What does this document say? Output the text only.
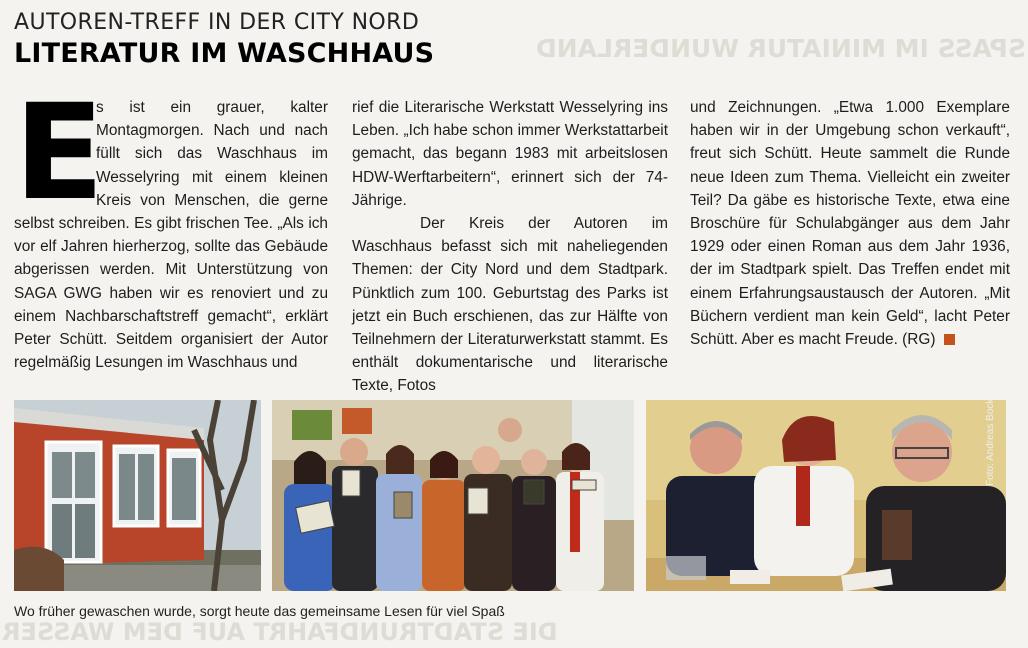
SPASS IM MINIATUR WUNDERLAND
DIE STADTRUNDFAHRT AUF DEM WASSER
AUTOREN-TREFF IN DER CITY NORD
LITERATUR IM WASCHHAUS

E
s ist ein grauer, kalter Montagmorgen. Nach und nach füllt sich das Waschhaus im Wesselyring mit einem kleinen Kreis von Menschen, die gerne selbst schreiben. Es gibt frischen Tee. „Als ich vor elf Jahren hierherzog, sollte das Gebäude abgerissen werden. Mit Unterstützung von SAGA GWG haben wir es renoviert und zu einem Nachbarschaftstreff gemacht“, erklärt Peter Schütt. Seitdem organisiert der Autor regelmäßig Lesungen im Waschhaus und

rief die Literarische Werkstatt Wesselyring ins Leben. „Ich habe schon immer Werkstattarbeit gemacht, das begann 1983 mit arbeitslosen HDW-Werftarbeitern“, erinnert sich der 74-Jährige.

Der Kreis der Autoren im Waschhaus befasst sich mit naheliegenden Themen: der City Nord und dem Stadtpark. Pünktlich zum 100. Geburtstag des Parks ist jetzt ein Buch erschienen, das zur Hälfte von Teilnehmern der Literaturwerkstatt stammt. Es enthält dokumentarische und literarische Texte, Fotos

und Zeichnungen. „Etwa 1.000 Exemplare haben wir in der Umgebung schon verkauft“, freut sich Schütt. Heute sammelt die Runde neue Ideen zum Thema. Vielleicht ein zweiter Teil? Da gäbe es historische Texte, etwa eine Broschüre für Schulabgänger aus dem Jahr 1929 oder einen Roman aus dem Jahr 1936, der im Stadtpark spielt. Das Treffen endet mit einem Erfahrungsaustausch der Autoren. „Mit Büchern verdient man kein Geld“, lacht Peter Schütt. Aber es macht Freude. (RG)

Foto: Andreas Bock
Wo früher gewaschen wurde, sorgt heute das gemeinsame Lesen für viel Spaß
